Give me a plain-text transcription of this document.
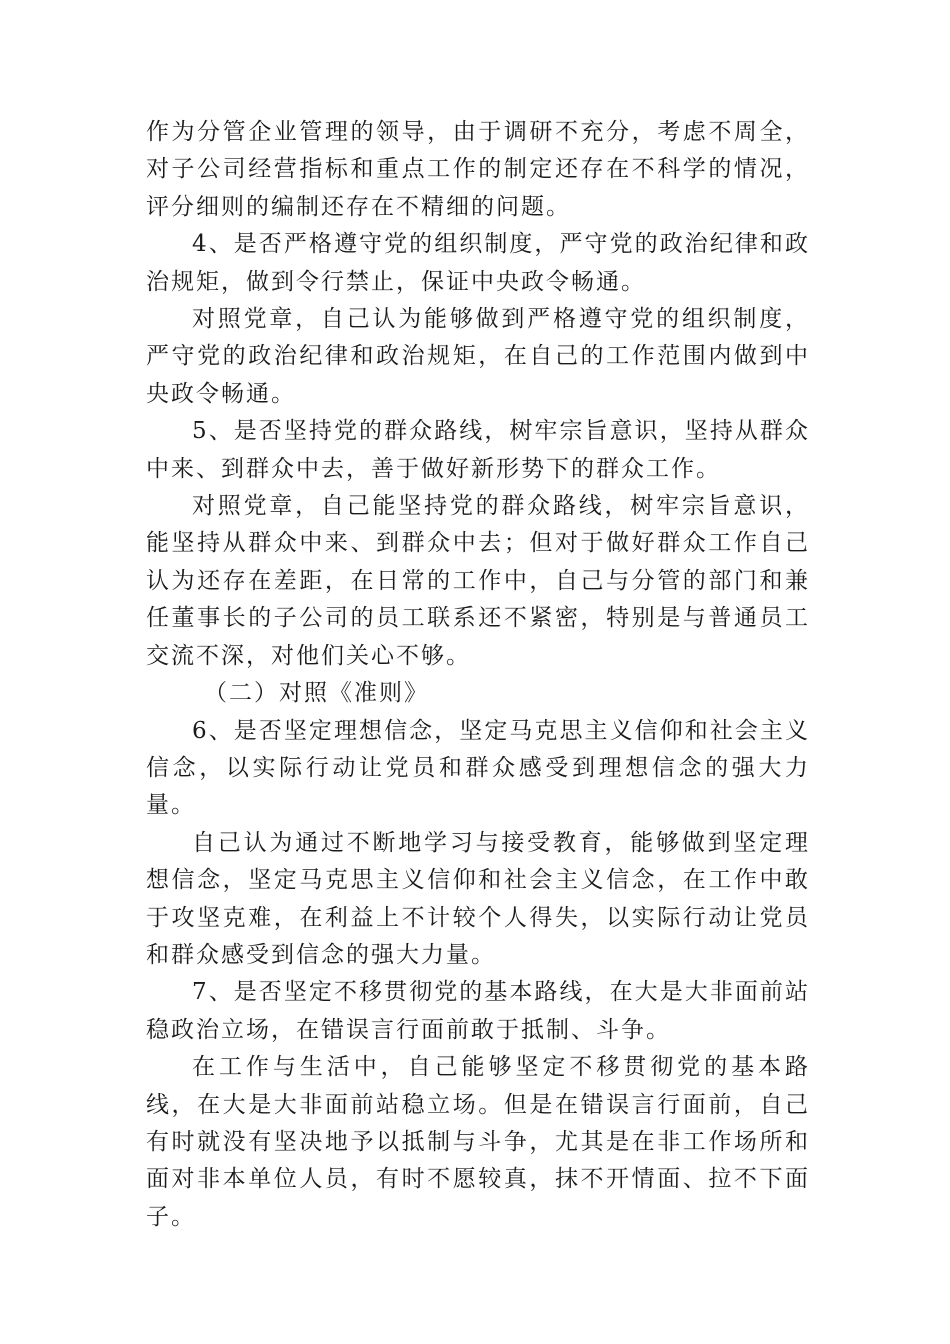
作为分管企业管理的领导，由于调研不充分，考虑不周全，对子公司经营指标和重点工作的制定还存在不科学的情况，评分细则的编制还存在不精细的问题。

4、是否严格遵守党的组织制度，严守党的政治纪律和政治规矩，做到令行禁止，保证中央政令畅通。

对照党章，自己认为能够做到严格遵守党的组织制度，严守党的政治纪律和政治规矩，在自己的工作范围内做到中央政令畅通。

5、是否坚持党的群众路线，树牢宗旨意识，坚持从群众中来、到群众中去，善于做好新形势下的群众工作。

对照党章，自己能坚持党的群众路线，树牢宗旨意识，能坚持从群众中来、到群众中去；但对于做好群众工作自己认为还存在差距，在日常的工作中，自己与分管的部门和兼任董事长的子公司的员工联系还不紧密，特别是与普通员工交流不深，对他们关心不够。

（二）对照《准则》

6、是否坚定理想信念，坚定马克思主义信仰和社会主义信念，以实际行动让党员和群众感受到理想信念的强大力量。

自己认为通过不断地学习与接受教育，能够做到坚定理想信念，坚定马克思主义信仰和社会主义信念，在工作中敢于攻坚克难，在利益上不计较个人得失，以实际行动让党员和群众感受到信念的强大力量。

7、是否坚定不移贯彻党的基本路线，在大是大非面前站稳政治立场，在错误言行面前敢于抵制、斗争。

在工作与生活中，自己能够坚定不移贯彻党的基本路线，在大是大非面前站稳立场。但是在错误言行面前，自己有时就没有坚决地予以抵制与斗争，尤其是在非工作场所和面对非本单位人员，有时不愿较真，抹不开情面、拉不下面子。
